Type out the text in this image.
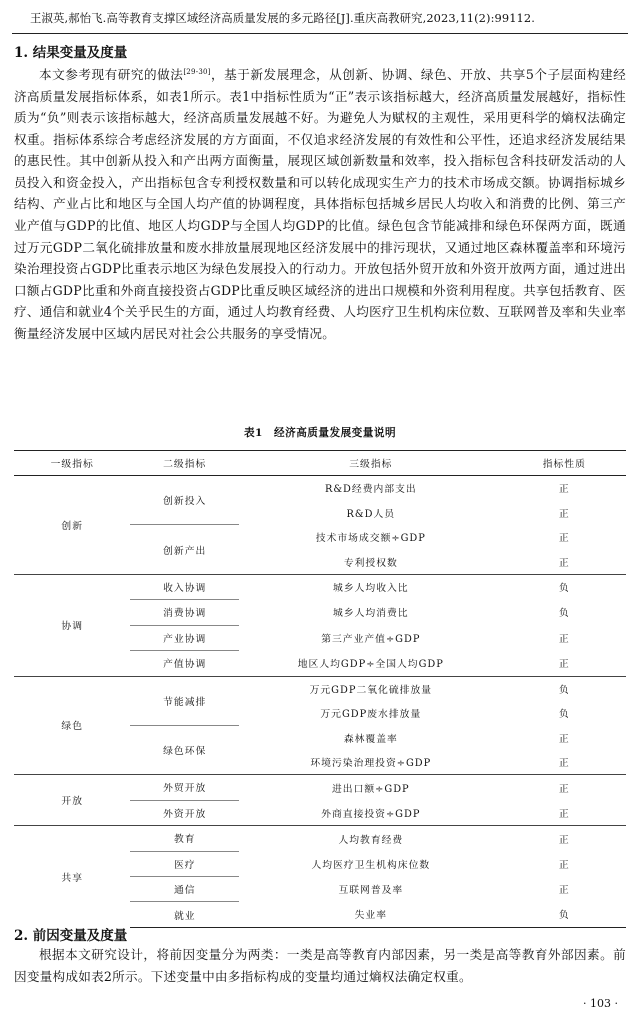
王淑英,郝怡飞.高等教育支撑区域经济高质量发展的多元路径[J].重庆高教研究,2023,11(2):99112.
1. 结果变量及度量
本文参考现有研究的做法[29-30]，基于新发展理念，从创新、协调、绿色、开放、共享5个子层面构建经济高质量发展指标体系，如表1所示。表1中指标性质为“正”表示该指标越大，经济高质量发展越好，指标性质为“负”则表示该指标越大，经济高质量发展越不好。为避免人为赋权的主观性，采用更科学的熵权法确定权重。指标体系综合考虑经济发展的方方面面，不仅追求经济发展的有效性和公平性，还追求经济发展结果的惠民性。其中创新从投入和产出两方面衡量，展现区域创新数量和效率，投入指标包含科技研发活动的人员投入和资金投入，产出指标包含专利授权数量和可以转化成现实生产力的技术市场成交额。协调指标城乡结构、产业占比和地区与全国人均产值的协调程度，具体指标包括城乡居民人均收入和消费的比例、第三产业产值与GDP的比值、地区人均GDP与全国人均GDP的比值。绿色包含节能减排和绿色环保两方面，既通过万元GDP二氧化硫排放量和废水排放量展现地区经济发展中的排污现状，又通过地区森林覆盖率和环境污染治理投资占GDP比重表示地区为绿色发展投入的行动力。开放包括外贸开放和外资开放两方面，通过进出口额占GDP比重和外商直接投资占GDP比重反映区域经济的进出口规模和外资利用程度。共享包括教育、医疗、通信和就业4个关乎民生的方面，通过人均教育经费、人均医疗卫生机构床位数、互联网普及率和失业率衡量经济发展中区域内居民对社会公共服务的享受情况。
表1　经济高质量发展变量说明
一级指标	二级指标	三级指标	指标性质
创新	创新投入	R&D经费内部支出	正
		R&D人员	正
	创新产出	技术市场成交额÷GDP	正
		专利授权数	正
协调	收入协调	城乡人均收入比	负
	消费协调	城乡人均消费比	负
	产业协调	第三产业产值÷GDP	正
	产值协调	地区人均GDP÷全国人均GDP	正
绿色	节能减排	万元GDP二氧化硫排放量	负
		万元GDP废水排放量	负
	绿色环保	森林覆盖率	正
		环境污染治理投资÷GDP	正
开放	外贸开放	进出口额÷GDP	正
	外资开放	外商直接投资÷GDP	正
共享	教育	人均教育经费	正
	医疗	人均医疗卫生机构床位数	正
	通信	互联网普及率	正
	就业	失业率	负
2. 前因变量及度量
根据本文研究设计，将前因变量分为两类：一类是高等教育内部因素，另一类是高等教育外部因素。前因变量构成如表2所示。下述变量中由多指标构成的变量均通过熵权法确定权重。
· 103 ·
